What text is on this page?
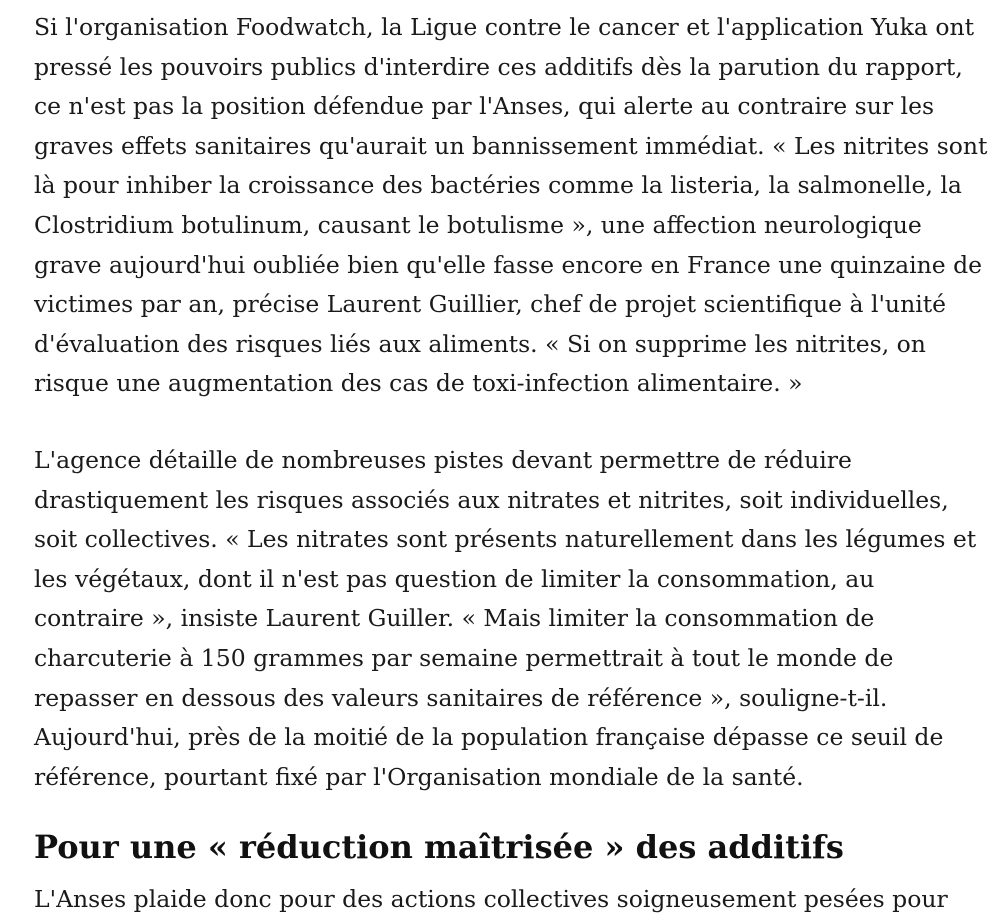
Si l'organisation Foodwatch, la Ligue contre le cancer et l'application Yuka ont
pressé les pouvoirs publics d'interdire ces additifs dès la parution du rapport,
ce n'est pas la position défendue par l'Anses, qui alerte au contraire sur les
graves effets sanitaires qu'aurait un bannissement immédiat. « Les nitrites sont
là pour inhiber la croissance des bactéries comme la listeria, la salmonelle, la
Clostridium botulinum, causant le botulisme », une affection neurologique
grave aujourd'hui oubliée bien qu'elle fasse encore en France une quinzaine de
victimes par an, précise Laurent Guillier, chef de projet scientifique à l'unité
d'évaluation des risques liés aux aliments. « Si on supprime les nitrites, on
risque une augmentation des cas de toxi-infection alimentaire. »

L'agence détaille de nombreuses pistes devant permettre de réduire
drastiquement les risques associés aux nitrates et nitrites, soit individuelles,
soit collectives. « Les nitrates sont présents naturellement dans les légumes et
les végétaux, dont il n'est pas question de limiter la consommation, au
contraire », insiste Laurent Guiller. « Mais limiter la consommation de
charcuterie à 150 grammes par semaine permettrait à tout le monde de
repasser en dessous des valeurs sanitaires de référence », souligne-t-il.
Aujourd'hui, près de la moitié de la population française dépasse ce seuil de
référence, pourtant fixé par l'Organisation mondiale de la santé.

Pour une « réduction maîtrisée » des additifs

L'Anses plaide donc pour des actions collectives soigneusement pesées pour
